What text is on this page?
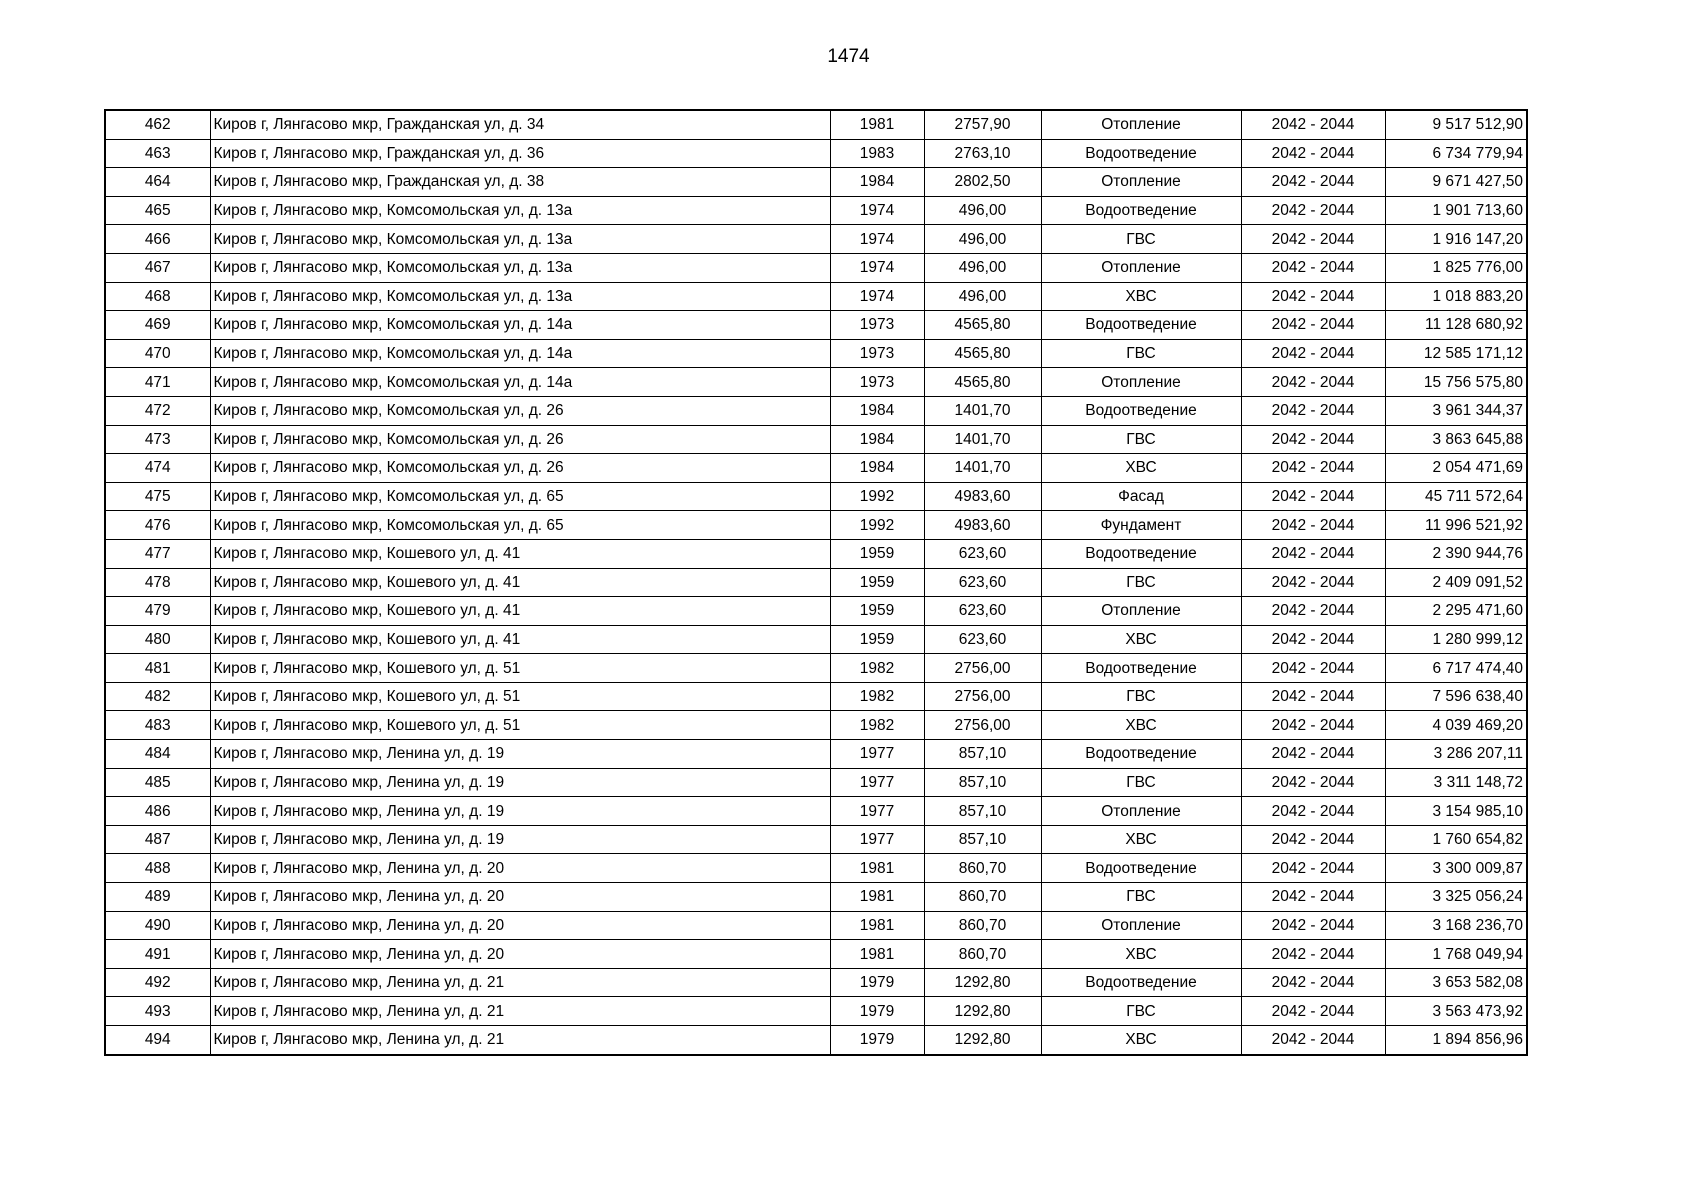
1474
462	Киров г, Лянгасово мкр, Гражданская ул, д. 34	1981	2757,90	Отопление	2042 - 2044	9 517 512,90
463	Киров г, Лянгасово мкр, Гражданская ул, д. 36	1983	2763,10	Водоотведение	2042 - 2044	6 734 779,94
464	Киров г, Лянгасово мкр, Гражданская ул, д. 38	1984	2802,50	Отопление	2042 - 2044	9 671 427,50
465	Киров г, Лянгасово мкр, Комсомольская ул, д. 13а	1974	496,00	Водоотведение	2042 - 2044	1 901 713,60
466	Киров г, Лянгасово мкр, Комсомольская ул, д. 13а	1974	496,00	ГВС	2042 - 2044	1 916 147,20
467	Киров г, Лянгасово мкр, Комсомольская ул, д. 13а	1974	496,00	Отопление	2042 - 2044	1 825 776,00
468	Киров г, Лянгасово мкр, Комсомольская ул, д. 13а	1974	496,00	ХВС	2042 - 2044	1 018 883,20
469	Киров г, Лянгасово мкр, Комсомольская ул, д. 14а	1973	4565,80	Водоотведение	2042 - 2044	11 128 680,92
470	Киров г, Лянгасово мкр, Комсомольская ул, д. 14а	1973	4565,80	ГВС	2042 - 2044	12 585 171,12
471	Киров г, Лянгасово мкр, Комсомольская ул, д. 14а	1973	4565,80	Отопление	2042 - 2044	15 756 575,80
472	Киров г, Лянгасово мкр, Комсомольская ул, д. 26	1984	1401,70	Водоотведение	2042 - 2044	3 961 344,37
473	Киров г, Лянгасово мкр, Комсомольская ул, д. 26	1984	1401,70	ГВС	2042 - 2044	3 863 645,88
474	Киров г, Лянгасово мкр, Комсомольская ул, д. 26	1984	1401,70	ХВС	2042 - 2044	2 054 471,69
475	Киров г, Лянгасово мкр, Комсомольская ул, д. 65	1992	4983,60	Фасад	2042 - 2044	45 711 572,64
476	Киров г, Лянгасово мкр, Комсомольская ул, д. 65	1992	4983,60	Фундамент	2042 - 2044	11 996 521,92
477	Киров г, Лянгасово мкр, Кошевого ул, д. 41	1959	623,60	Водоотведение	2042 - 2044	2 390 944,76
478	Киров г, Лянгасово мкр, Кошевого ул, д. 41	1959	623,60	ГВС	2042 - 2044	2 409 091,52
479	Киров г, Лянгасово мкр, Кошевого ул, д. 41	1959	623,60	Отопление	2042 - 2044	2 295 471,60
480	Киров г, Лянгасово мкр, Кошевого ул, д. 41	1959	623,60	ХВС	2042 - 2044	1 280 999,12
481	Киров г, Лянгасово мкр, Кошевого ул, д. 51	1982	2756,00	Водоотведение	2042 - 2044	6 717 474,40
482	Киров г, Лянгасово мкр, Кошевого ул, д. 51	1982	2756,00	ГВС	2042 - 2044	7 596 638,40
483	Киров г, Лянгасово мкр, Кошевого ул, д. 51	1982	2756,00	ХВС	2042 - 2044	4 039 469,20
484	Киров г, Лянгасово мкр, Ленина ул, д. 19	1977	857,10	Водоотведение	2042 - 2044	3 286 207,11
485	Киров г, Лянгасово мкр, Ленина ул, д. 19	1977	857,10	ГВС	2042 - 2044	3 311 148,72
486	Киров г, Лянгасово мкр, Ленина ул, д. 19	1977	857,10	Отопление	2042 - 2044	3 154 985,10
487	Киров г, Лянгасово мкр, Ленина ул, д. 19	1977	857,10	ХВС	2042 - 2044	1 760 654,82
488	Киров г, Лянгасово мкр, Ленина ул, д. 20	1981	860,70	Водоотведение	2042 - 2044	3 300 009,87
489	Киров г, Лянгасово мкр, Ленина ул, д. 20	1981	860,70	ГВС	2042 - 2044	3 325 056,24
490	Киров г, Лянгасово мкр, Ленина ул, д. 20	1981	860,70	Отопление	2042 - 2044	3 168 236,70
491	Киров г, Лянгасово мкр, Ленина ул, д. 20	1981	860,70	ХВС	2042 - 2044	1 768 049,94
492	Киров г, Лянгасово мкр, Ленина ул, д. 21	1979	1292,80	Водоотведение	2042 - 2044	3 653 582,08
493	Киров г, Лянгасово мкр, Ленина ул, д. 21	1979	1292,80	ГВС	2042 - 2044	3 563 473,92
494	Киров г, Лянгасово мкр, Ленина ул, д. 21	1979	1292,80	ХВС	2042 - 2044	1 894 856,96
